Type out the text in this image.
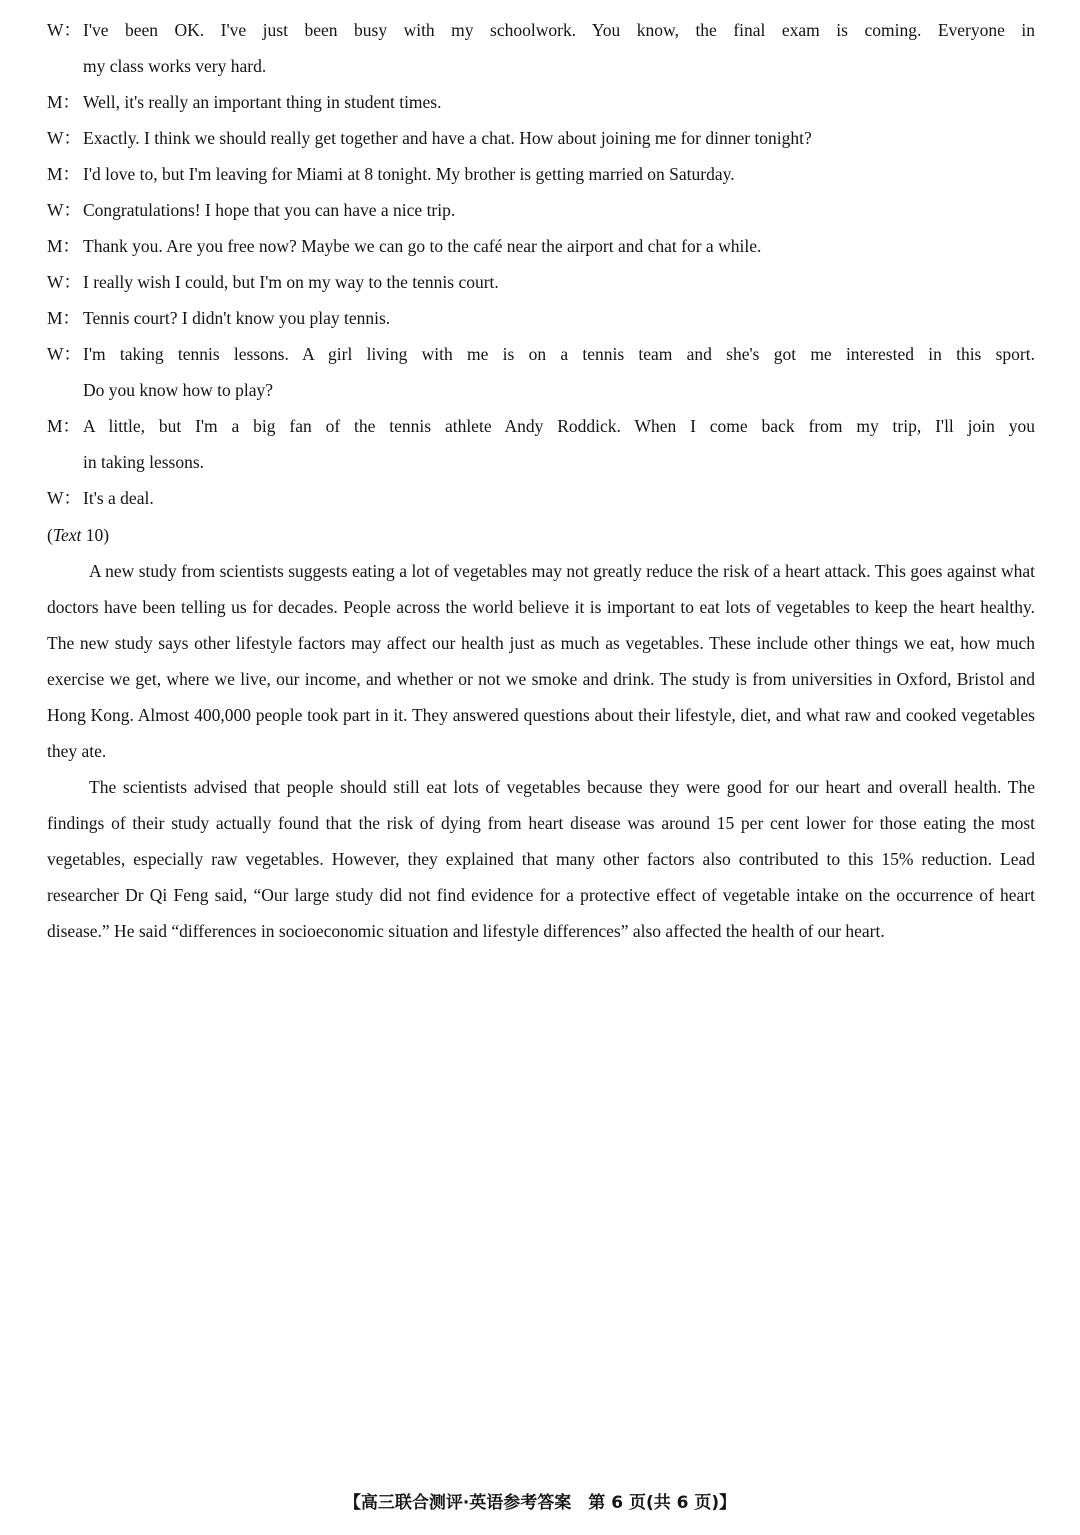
W： I've been OK. I've just been busy with my schoolwork. You know, the final exam is coming. Everyone in
my class works very hard.
M： Well, it's really an important thing in student times.
W： Exactly. I think we should really get together and have a chat. How about joining me for dinner tonight?
M： I'd love to, but I'm leaving for Miami at 8 tonight. My brother is getting married on Saturday.
W： Congratulations! I hope that you can have a nice trip.
M： Thank you. Are you free now? Maybe we can go to the café near the airport and chat for a while.
W： I really wish I could, but I'm on my way to the tennis court.
M： Tennis court? I didn't know you play tennis.
W： I'm taking tennis lessons. A girl living with me is on a tennis team and she's got me interested in this sport.
Do you know how to play?
M： A little, but I'm a big fan of the tennis athlete Andy Roddick. When I come back from my trip, I'll join you
in taking lessons.
W： It's a deal.
(Text 10)

A new study from scientists suggests eating a lot of vegetables may not greatly reduce the risk of a heart attack. This goes against what doctors have been telling us for decades. People across the world believe it is important to eat lots of vegetables to keep the heart healthy. The new study says other lifestyle factors may affect our health just as much as vegetables. These include other things we eat, how much exercise we get, where we live, our income, and whether or not we smoke and drink. The study is from universities in Oxford, Bristol and Hong Kong. Almost 400,000 people took part in it. They answered questions about their lifestyle, diet, and what raw and cooked vegetables they ate.

The scientists advised that people should still eat lots of vegetables because they were good for our heart and overall health. The findings of their study actually found that the risk of dying from heart disease was around 15 per cent lower for those eating the most vegetables, especially raw vegetables. However, they explained that many other factors also contributed to this 15% reduction. Lead researcher Dr Qi Feng said, “Our large study did not find evidence for a protective effect of vegetable intake on the occurrence of heart disease.” He said “differences in socioeconomic situation and lifestyle differences” also affected the health of our heart.

【高三联合测评·英语参考答案　第 6 页(共 6 页)】
